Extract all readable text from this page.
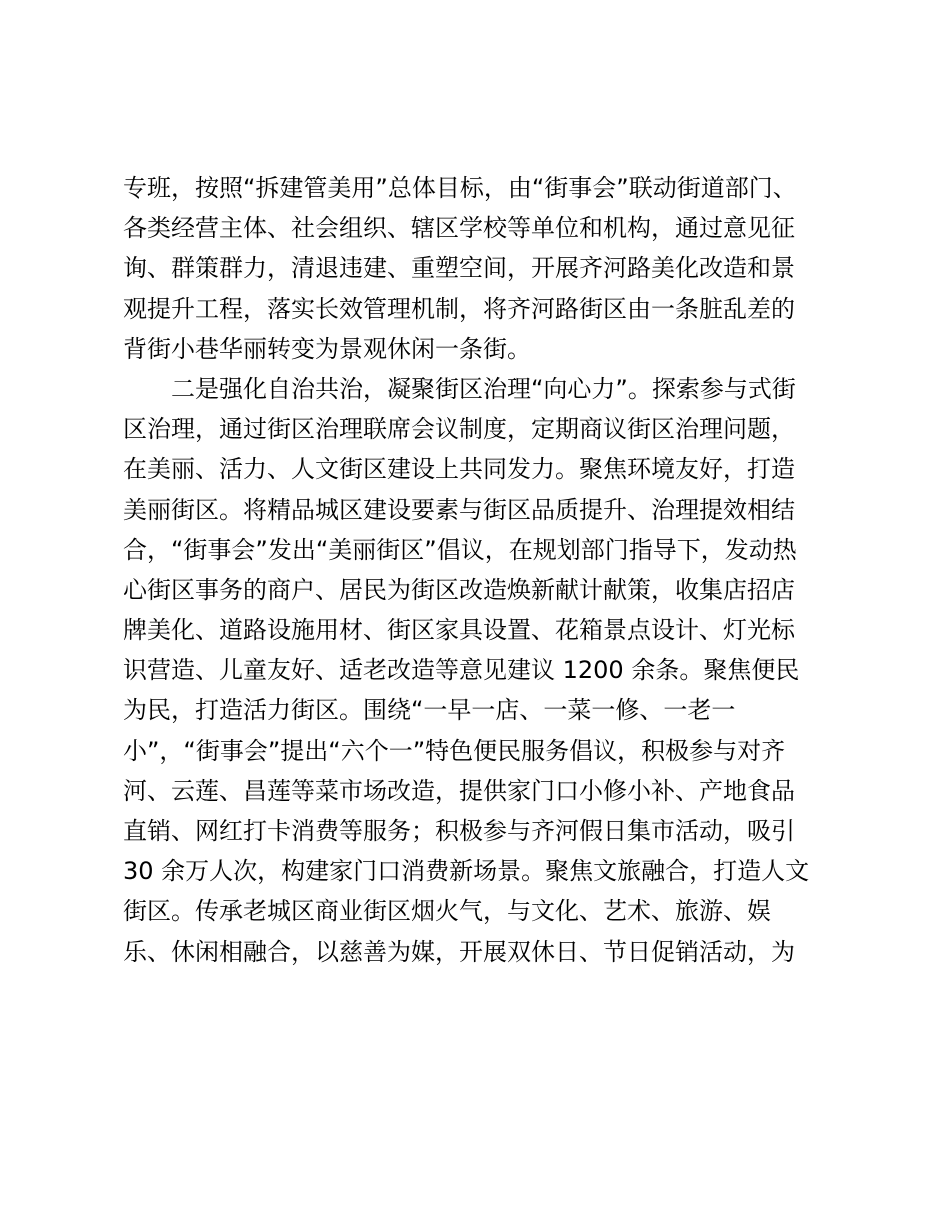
专班，按照“拆建管美用”总体目标，由“街事会”联动街道部门、
各类经营主体、社会组织、辖区学校等单位和机构，通过意见征
询、群策群力，清退违建、重塑空间，开展齐河路美化改造和景
观提升工程，落实长效管理机制，将齐河路街区由一条脏乱差的
背街小巷华丽转变为景观休闲一条街。
二是强化自治共治，凝聚街区治理“向心力”。探索参与式街
区治理，通过街区治理联席会议制度，定期商议街区治理问题，
在美丽、活力、人文街区建设上共同发力。聚焦环境友好，打造
美丽街区。将精品城区建设要素与街区品质提升、治理提效相结
合，“街事会”发出“美丽街区”倡议，在规划部门指导下，发动热
心街区事务的商户、居民为街区改造焕新献计献策，收集店招店
牌美化、道路设施用材、街区家具设置、花箱景点设计、灯光标
识营造、儿童友好、适老改造等意见建议 1200 余条。聚焦便民
为民，打造活力街区。围绕“一早一店、一菜一修、一老一
小”，“街事会”提出“六个一”特色便民服务倡议，积极参与对齐
河、云莲、昌莲等菜市场改造，提供家门口小修小补、产地食品
直销、网红打卡消费等服务；积极参与齐河假日集市活动，吸引
30 余万人次，构建家门口消费新场景。聚焦文旅融合，打造人文
街区。传承老城区商业街区烟火气，与文化、艺术、旅游、娱
乐、休闲相融合，以慈善为媒，开展双休日、节日促销活动，为
